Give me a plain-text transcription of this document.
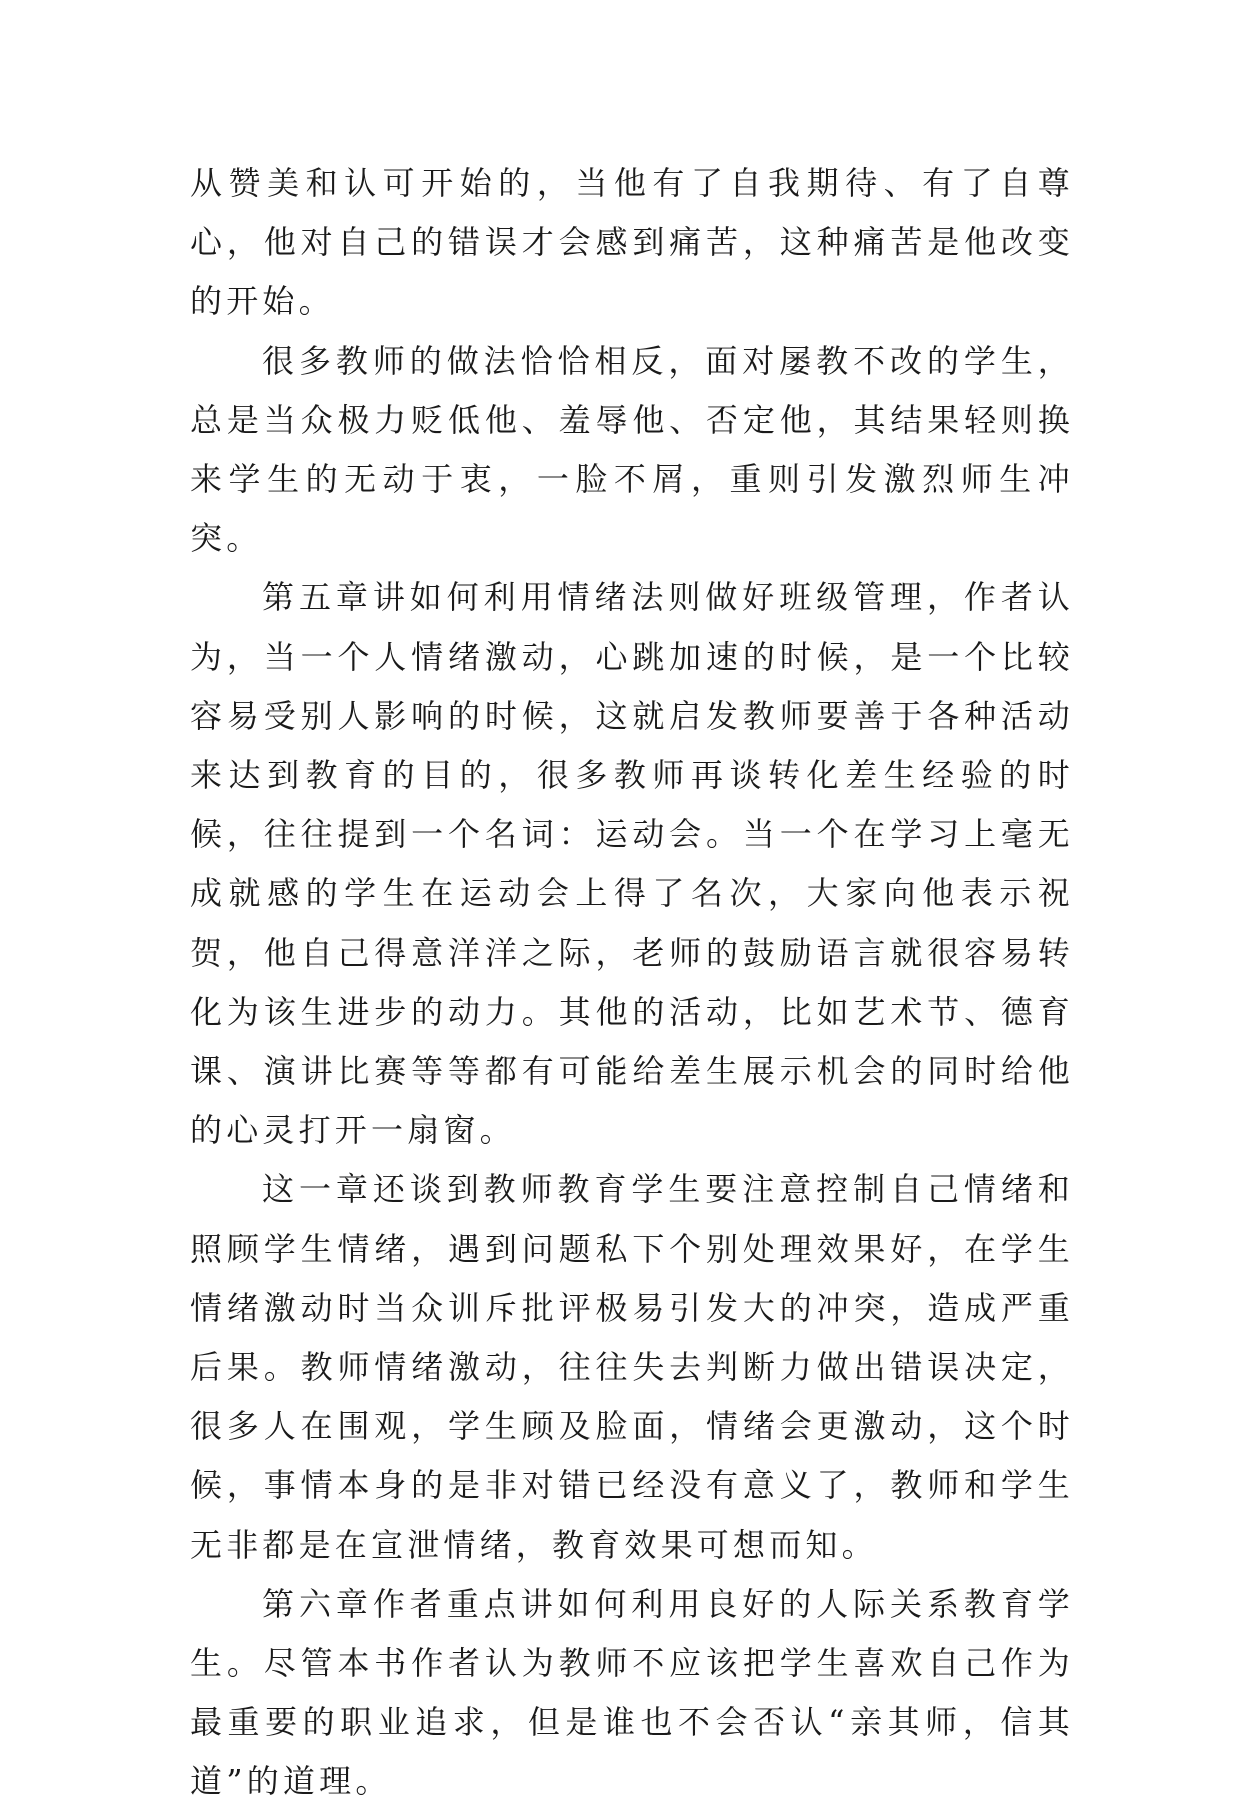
从赞美和认可开始的，当他有了自我期待、有了自尊心，他对自己的错误才会感到痛苦，这种痛苦是他改变的开始。

很多教师的做法恰恰相反，面对屡教不改的学生，总是当众极力贬低他、羞辱他、否定他，其结果轻则换来学生的无动于衷，一脸不屑，重则引发激烈师生冲突。

第五章讲如何利用情绪法则做好班级管理，作者认为，当一个人情绪激动，心跳加速的时候，是一个比较容易受别人影响的时候，这就启发教师要善于各种活动来达到教育的目的，很多教师再谈转化差生经验的时候，往往提到一个名词：运动会。当一个在学习上毫无成就感的学生在运动会上得了名次，大家向他表示祝贺，他自己得意洋洋之际，老师的鼓励语言就很容易转化为该生进步的动力。其他的活动，比如艺术节、德育课、演讲比赛等等都有可能给差生展示机会的同时给他的心灵打开一扇窗。

这一章还谈到教师教育学生要注意控制自己情绪和照顾学生情绪，遇到问题私下个别处理效果好，在学生情绪激动时当众训斥批评极易引发大的冲突，造成严重后果。教师情绪激动，往往失去判断力做出错误决定，很多人在围观，学生顾及脸面，情绪会更激动，这个时候，事情本身的是非对错已经没有意义了，教师和学生无非都是在宣泄情绪，教育效果可想而知。

第六章作者重点讲如何利用良好的人际关系教育学生。尽管本书作者认为教师不应该把学生喜欢自己作为最重要的职业追求，但是谁也不会否认“亲其师，信其道”的道理。
